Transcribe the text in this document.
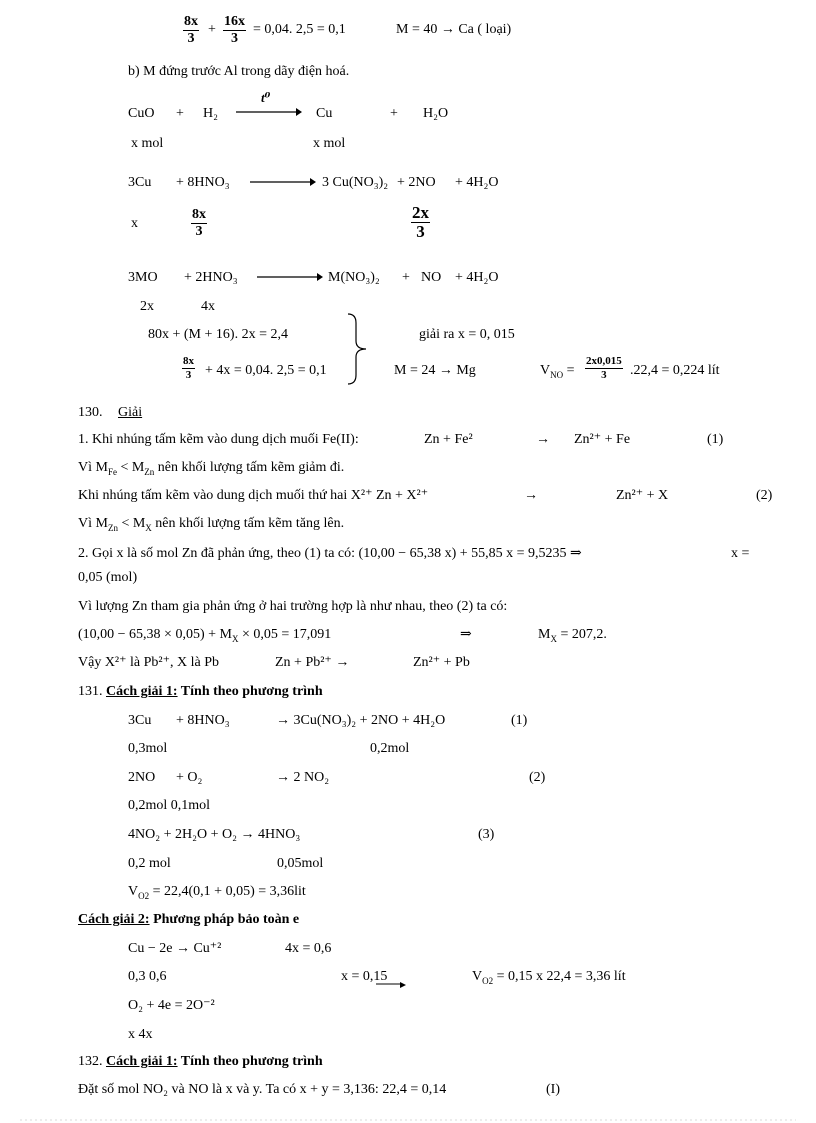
8x
3
+
16x
3
= 0,04. 2,5 = 0,1	M = 40 → Ca ( loại)
b) M đứng trước Al trong dãy điện hoá.
CuO + H₂
t⁰
Cu	+ H₂O
x mol	x mol
3Cu + 8HNO₃	3 Cu(NO₃)₂ + 2NO + 4H₂O
x
8x
3
2x
3
3MO + 2HNO₃	M(NO₃)₂ + NO + 4H₂O
2x	4x
80x + (M + 16). 2x = 2,4	giải ra x = 0, 015
8x
3 + 4x = 0,04. 2,5 = 0,1	M = 24 → Mg	$V_{NO}$ =
2x0,015
3	.22,4 = 0,224 lít
130. Giải
1. Khi nhúng tấm kẽm vào dung dịch muối Fe(II):	Zn + Fe²	→ Zn²⁺ + Fe	(1)
Vì $M_{Fe} < M_{Zn}$ nên khối lượng tấm kẽm giảm đi.
Khi nhúng tấm kẽm vào dung dịch muối thứ hai X²⁺ Zn + X²⁺	→	Zn²⁺ + X	(2)
Vì $M_{Zn} < M_X$ nên khối lượng tấm kẽm tăng lên.
2. Gọi x là số mol Zn đã phản ứng, theo (1) ta có: (10,00 − 65,38 x) + 55,85 x = 9,5235 ⇒	x =
0,05 (mol)
Vì lượng Zn tham gia phản ứng ở hai trường hợp là như nhau, theo (2) ta có:
$(10,00 - 65,38 \times 0,05) + M_X \times 0,05 = 17,091$	⇒	$M_X = 207,2$.
Vậy X²⁺ là Pb²⁺, X là Pb	Zn + Pb²⁺ →	Zn²⁺ + Pb
131. Cách giải 1: Tính theo phương trình
3Cu + 8HNO₃	→ 3Cu(NO₃)₂ + 2NO + 4H₂O	(1)
0,3mol	0,2mol
2NO + O₂	→ 2 NO₂	(2)
0,2mol 0,1mol
4NO₂ + 2H₂O + O₂ → 4HNO₃	(3)
0,2 mol	0,05mol
$V_{O2} = 22,4(0,1 + 0,05) = 3,36lit$
Cách giải 2: Phương pháp bảo toàn e
Cu − 2e → Cu⁺²	4x = 0,6
0,3 0,6	x = 0,15	$V_{O2} = 0,15$ x 22,4 = 3,36 lít
O₂ + 4e = 2O⁻²
x 4x
132. Cách giải 1: Tính theo phương trình
Đặt số mol NO₂ và NO là x và y. Ta có x + y = 3,136: 22,4 = 0,14	(I)
